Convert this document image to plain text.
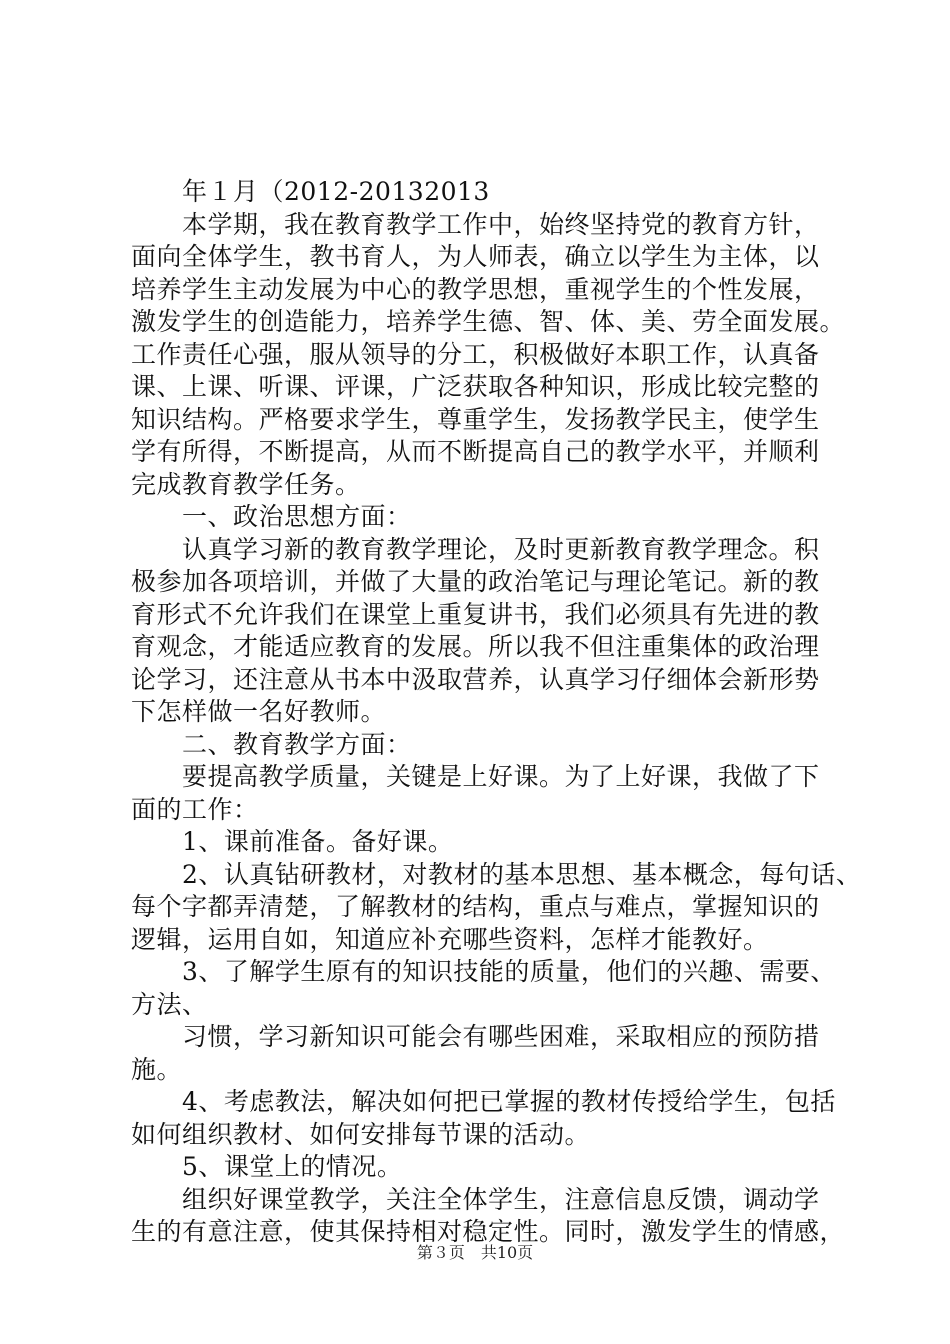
　　年１月（2012-20132013
　　本学期，我在教育教学工作中，始终坚持党的教育方针，
面向全体学生，教书育人，为人师表，确立以学生为主体，以
培养学生主动发展为中心的教学思想，重视学生的个性发展，
激发学生的创造能力，培养学生德、智、体、美、劳全面发展。
工作责任心强，服从领导的分工，积极做好本职工作，认真备
课、上课、听课、评课，广泛获取各种知识，形成比较完整的
知识结构。严格要求学生，尊重学生，发扬教学民主，使学生
学有所得，不断提高，从而不断提高自己的教学水平，并顺利
完成教育教学任务。
　　一、政治思想方面：
　　认真学习新的教育教学理论，及时更新教育教学理念。积
极参加各项培训，并做了大量的政治笔记与理论笔记。新的教
育形式不允许我们在课堂上重复讲书，我们必须具有先进的教
育观念，才能适应教育的发展。所以我不但注重集体的政治理
论学习，还注意从书本中汲取营养，认真学习仔细体会新形势
下怎样做一名好教师。
　　二、教育教学方面：
　　要提高教学质量，关键是上好课。为了上好课，我做了下
面的工作：
　　1、课前准备。备好课。
　　2、认真钻研教材，对教材的基本思想、基本概念，每句话、
每个字都弄清楚，了解教材的结构，重点与难点，掌握知识的
逻辑，运用自如，知道应补充哪些资料，怎样才能教好。
　　3、了解学生原有的知识技能的质量，他们的兴趣、需要、
方法、
　　习惯，学习新知识可能会有哪些困难，采取相应的预防措
施。
　　4、考虑教法，解决如何把已掌握的教材传授给学生，包括
如何组织教材、如何安排每节课的活动。
　　5、课堂上的情况。
　　组织好课堂教学，关注全体学生，注意信息反馈，调动学
生的有意注意，使其保持相对稳定性。同时，激发学生的情感，
第３页　共10页
